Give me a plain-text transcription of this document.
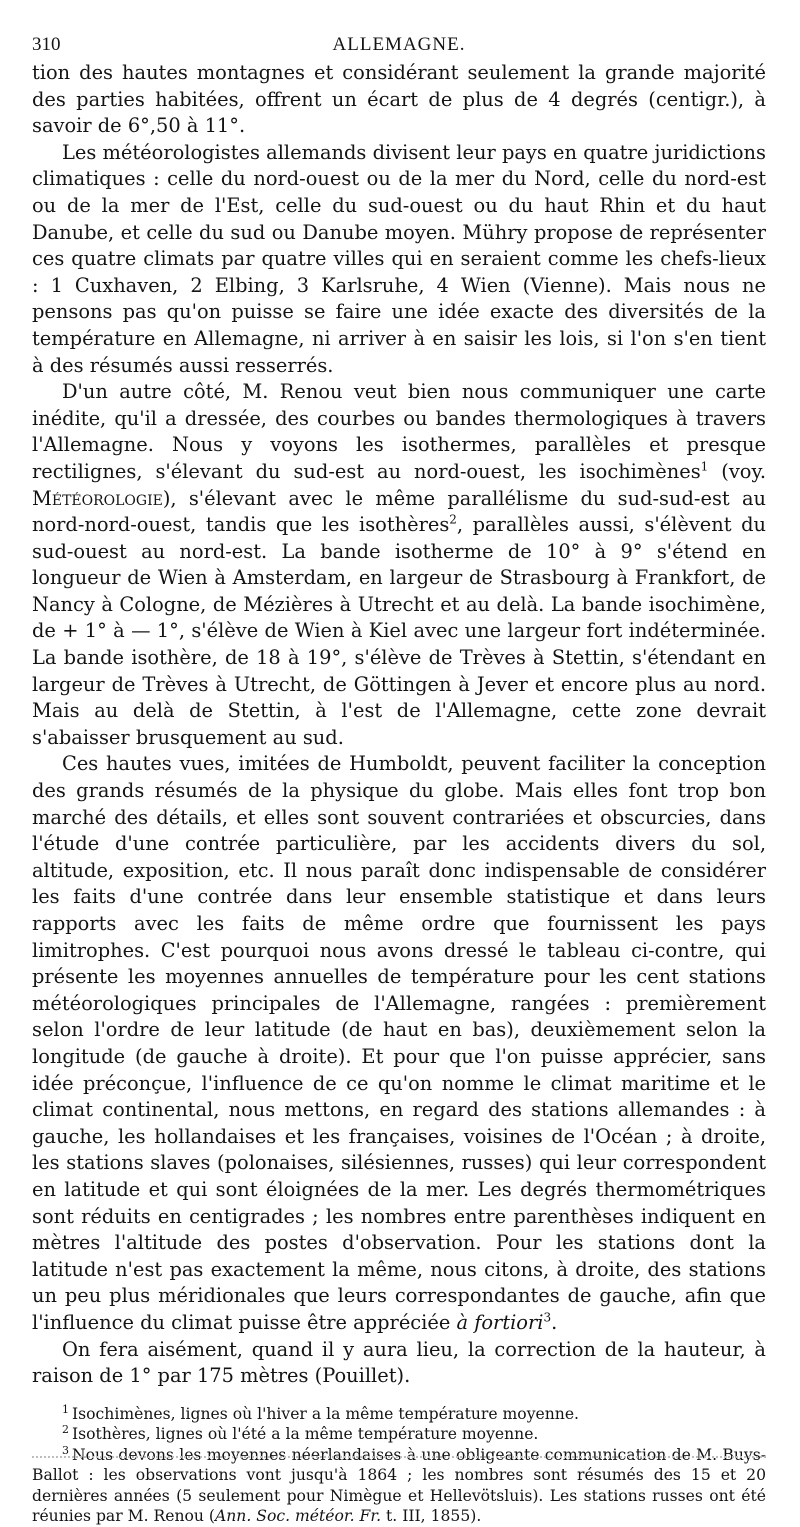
310	ALLEMAGNE.

tion des hautes montagnes et considérant seulement la grande majorité des parties habitées, offrent un écart de plus de 4 degrés (centigr.), à savoir de 6°,50 à 11°.

Les météorologistes allemands divisent leur pays en quatre juridictions climatiques : celle du nord-ouest ou de la mer du Nord, celle du nord-est ou de la mer de l'Est, celle du sud-ouest ou du haut Rhin et du haut Danube, et celle du sud ou Danube moyen. Mühry propose de représenter ces quatre climats par quatre villes qui en seraient comme les chefs-lieux : 1 Cuxhaven, 2 Elbing, 3 Karlsruhe, 4 Wien (Vienne). Mais nous ne pensons pas qu'on puisse se faire une idée exacte des diversités de la température en Allemagne, ni arriver à en saisir les lois, si l'on s'en tient à des résumés aussi resserrés.

D'un autre côté, M. Renou veut bien nous communiquer une carte inédite, qu'il a dressée, des courbes ou bandes thermologiques à travers l'Allemagne. Nous y voyons les isothermes, parallèles et presque rectilignes, s'élevant du sud-est au nord-ouest, les isochimènes$^1$ (voy. Météorologie), s'élevant avec le même parallélisme du sud-sud-est au nord-nord-ouest, tandis que les isothères$^2$, parallèles aussi, s'élèvent du sud-ouest au nord-est. La bande isotherme de 10° à 9° s'étend en longueur de Wien à Amsterdam, en largeur de Strasbourg à Frankfort, de Nancy à Cologne, de Mézières à Utrecht et au delà. La bande isochimène, de + 1° à — 1°, s'élève de Wien à Kiel avec une largeur fort indéterminée. La bande isothère, de 18 à 19°, s'élève de Trèves à Stettin, s'étendant en largeur de Trèves à Utrecht, de Göttingen à Jever et encore plus au nord. Mais au delà de Stettin, à l'est de l'Allemagne, cette zone devrait s'abaisser brusquement au sud.

Ces hautes vues, imitées de Humboldt, peuvent faciliter la conception des grands résumés de la physique du globe. Mais elles font trop bon marché des détails, et elles sont souvent contrariées et obscurcies, dans l'étude d'une contrée particulière, par les accidents divers du sol, altitude, exposition, etc. Il nous paraît donc indispensable de considérer les faits d'une contrée dans leur ensemble statistique et dans leurs rapports avec les faits de même ordre que fournissent les pays limitrophes. C'est pourquoi nous avons dressé le tableau ci-contre, qui présente les moyennes annuelles de température pour les cent stations météorologiques principales de l'Allemagne, rangées : premièrement selon l'ordre de leur latitude (de haut en bas), deuxièmement selon la longitude (de gauche à droite). Et pour que l'on puisse apprécier, sans idée préconçue, l'influence de ce qu'on nomme le climat maritime et le climat continental, nous mettons, en regard des stations allemandes : à gauche, les hollandaises et les françaises, voisines de l'Océan ; à droite, les stations slaves (polonaises, silésiennes, russes) qui leur correspondent en latitude et qui sont éloignées de la mer. Les degrés thermométriques sont réduits en centigrades ; les nombres entre parenthèses indiquent en mètres l'altitude des postes d'observation. Pour les stations dont la latitude n'est pas exactement la même, nous citons, à droite, des stations un peu plus méridionales que leurs correspondantes de gauche, afin que l'influence du climat puisse être appréciée à fortiori$^3$.

On fera aisément, quand il y aura lieu, la correction de la hauteur, à raison de 1° par 175 mètres (Pouillet).

$^1$ Isochimènes, lignes où l'hiver a la même température moyenne.

$^2$ Isothères, lignes où l'été a la même température moyenne.

$^3$ Nous devons les moyennes néerlandaises à une obligeante communication de M. Buys-Ballot : les observations vont jusqu'à 1864 ; les nombres sont résumés des 15 et 20 dernières années (5 seulement pour Nimègue et Hellevötsluis). Les stations russes ont été réunies par M. Renou (Ann. Soc. météor. Fr. t. III, 1855).
